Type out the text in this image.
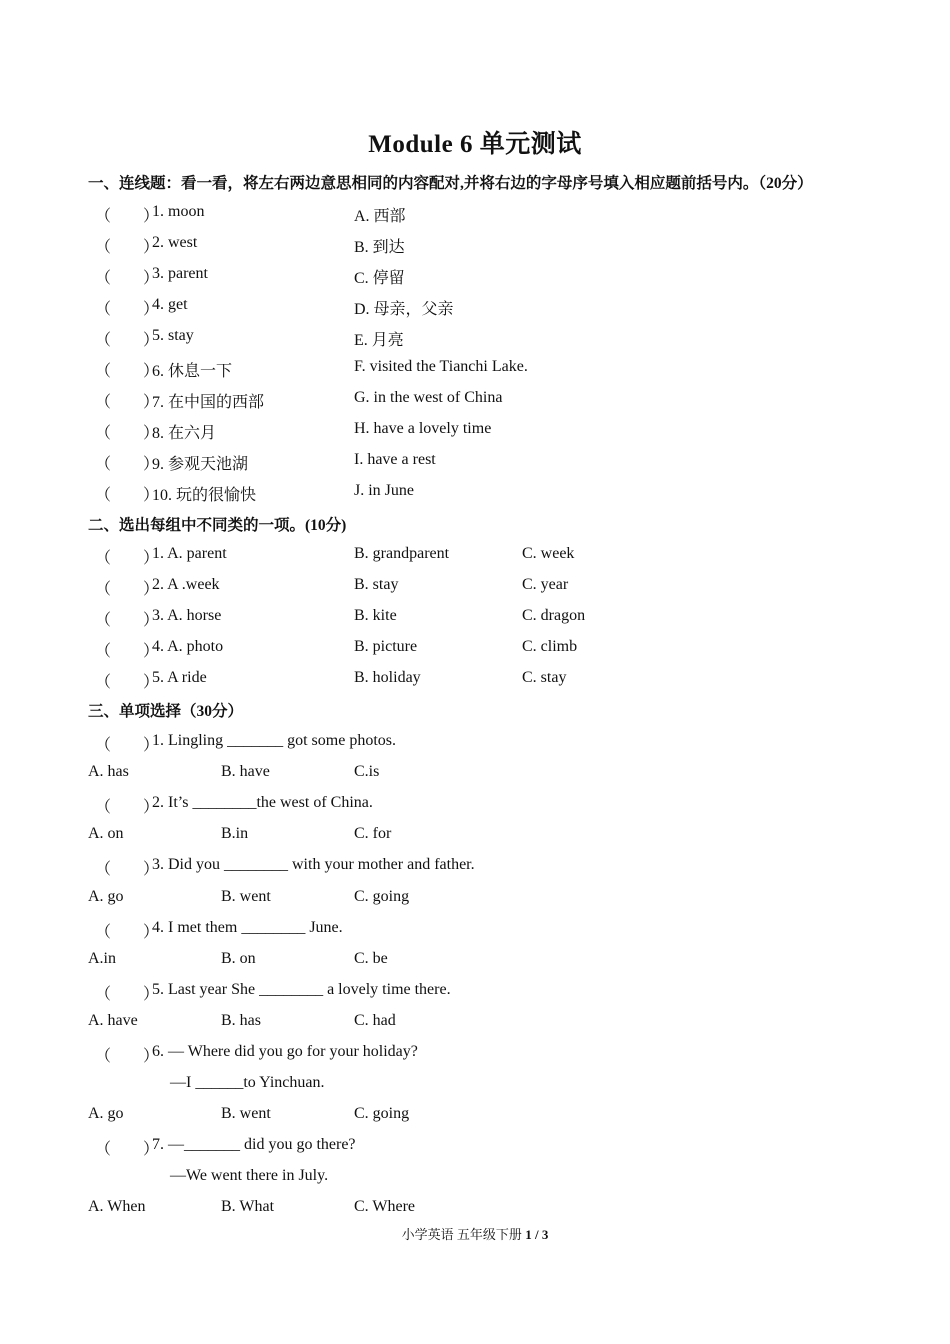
Module 6 单元测试
一、连线题：看一看，将左右两边意思相同的内容配对,并将右边的字母序号填入相应题前括号内。（20分）
（　　）
1. moon	A. 西部
（　　）
2. west	B. 到达
（　　）
3. parent	C. 停留
（　　）
4. get	D. 母亲，父亲
（　　）
5. stay	E. 月亮
（　　）
6. 休息一下	F. visited the Tianchi Lake.
（　　）
7. 在中国的西部	G. in the west of China
（　　）
8. 在六月	H. have a lovely time
（　　）
9. 参观天池湖	I. have a rest
（　　）
10. 玩的很愉快	J. in June
二、选出每组中不同类的一项。(10分)
（　　）
1. A. parent	B. grandparent	C. week
（　　）
2. A .week	B. stay	C. year
（　　）
3. A. horse	B. kite	C. dragon
（　　）
4. A. photo	B. picture	C. climb
（　　）
5. A ride	B. holiday	C. stay
三、单项选择（30分）
（　　）
1. Lingling _______ got some photos.
A. has	B. have	C.is
（　　）
2. It’s ________the west of China.
A. on	B.in	C. for
（　　）
3. Did you ________ with your mother and father.
A. go	B. went	C. going
（　　）
4. I met them ________ June.
A.in	B. on	C. be
（　　）
5. Last year She ________ a lovely time there.
A. have	B. has	C. had
（　　）
6. — Where did you go for your holiday?
—I ______to Yinchuan.
A. go	B. went	C. going
（　　）
7. —_______ did you go there?
—We went there in July.
A. When	B. What	C. Where
小学英语 五年级下册 1 / 3
